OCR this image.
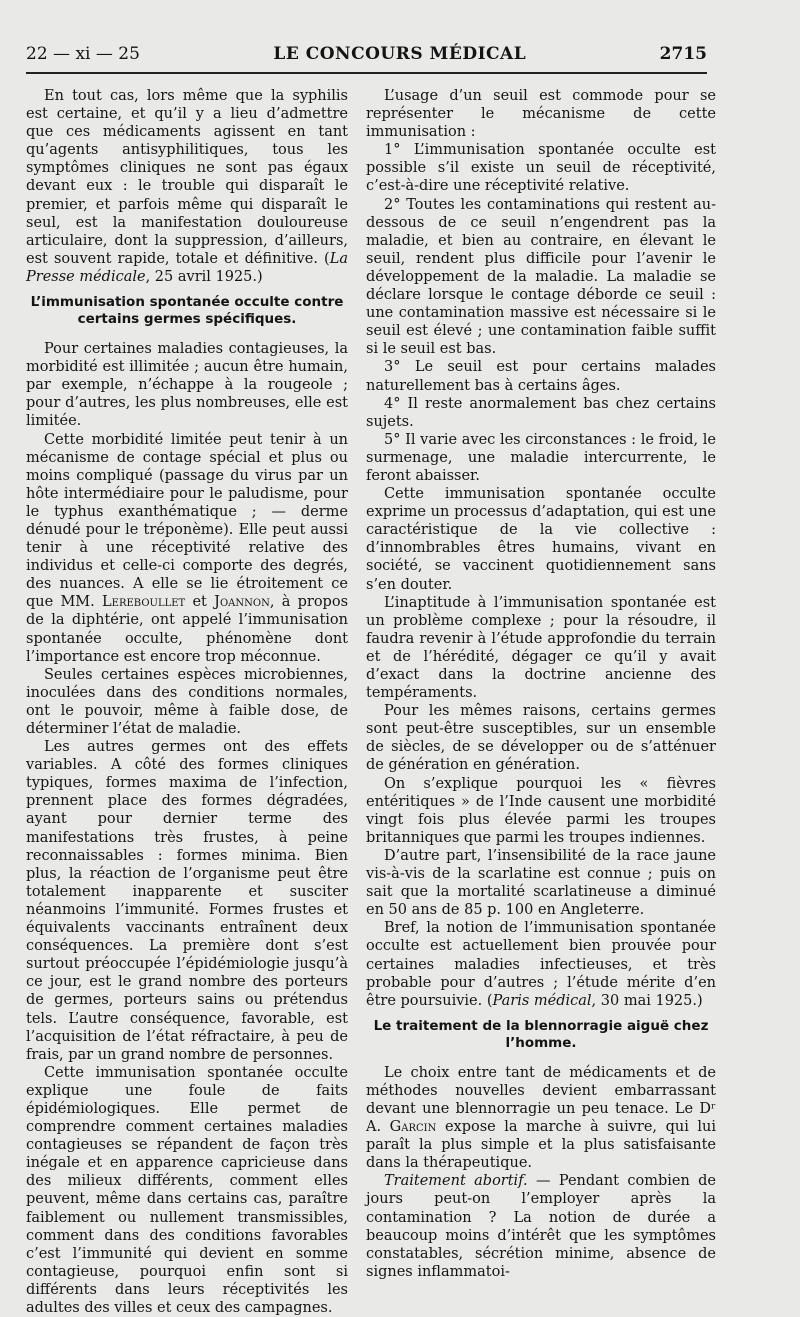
22 — xi — 25	LE CONCOURS MÉDICAL	2715

En tout cas, lors même que la syphilis est certaine, et qu’il y a lieu d’admettre que ces médicaments agissent en tant qu’agents antisyphilitiques, tous les symptômes cliniques ne sont pas égaux devant eux : le trouble qui disparaît le premier, et parfois même qui disparaît le seul, est la manifestation douloureuse articulaire, dont la suppression, d’ailleurs, est souvent rapide, totale et définitive. (La Presse médicale, 25 avril 1925.)

L’immunisation spontanée occulte contre certains germes spécifiques.

Pour certaines maladies contagieuses, la morbidité est illimitée ; aucun être humain, par exemple, n’échappe à la rougeole ; pour d’autres, les plus nombreuses, elle est limitée.

Cette morbidité limitée peut tenir à un mécanisme de contage spécial et plus ou moins compliqué (passage du virus par un hôte intermédiaire pour le paludisme, pour le typhus exanthématique ; — derme dénudé pour le tréponème). Elle peut aussi tenir à une réceptivité relative des individus et celle-ci comporte des degrés, des nuances. A elle se lie étroitement ce que MM. Lereboullet et Joannon, à propos de la diphtérie, ont appelé l’immunisation spontanée occulte, phénomène dont l’importance est encore trop méconnue.

Seules certaines espèces microbiennes, inoculées dans des conditions normales, ont le pouvoir, même à faible dose, de déterminer l’état de maladie.

Les autres germes ont des effets variables. A côté des formes cliniques typiques, formes maxima de l’infection, prennent place des formes dégradées, ayant pour dernier terme des manifestations très frustes, à peine reconnaissables : formes minima. Bien plus, la réaction de l’organisme peut être totalement inapparente et susciter néanmoins l’immunité. Formes frustes et équivalents vaccinants entraînent deux conséquences. La première dont s’est surtout préoccupée l’épidémiologie jusqu’à ce jour, est le grand nombre des porteurs de germes, porteurs sains ou prétendus tels. L’autre conséquence, favorable, est l’acquisition de l’état réfractaire, à peu de frais, par un grand nombre de personnes.

Cette immunisation spontanée occulte explique une foule de faits épidémiologiques. Elle permet de comprendre comment certaines maladies contagieuses se répandent de façon très inégale et en apparence capricieuse dans des milieux différents, comment elles peuvent, même dans certains cas, paraître faiblement ou nullement transmissibles, comment dans des conditions favorables c’est l’immunité qui devient en somme contagieuse, pourquoi enfin sont si différents dans leurs réceptivités les adultes des villes et ceux des campagnes.

L’usage d’un seuil est commode pour se représenter le mécanisme de cette immunisation :

1° L’immunisation spontanée occulte est possible s’il existe un seuil de réceptivité, c’est-à-dire une réceptivité relative.

2° Toutes les contaminations qui restent au-dessous de ce seuil n’engendrent pas la maladie, et bien au contraire, en élevant le seuil, rendent plus difficile pour l’avenir le développement de la maladie. La maladie se déclare lorsque le contage déborde ce seuil : une contamination massive est nécessaire si le seuil est élevé ; une contamination faible suffit si le seuil est bas.

3° Le seuil est pour certains malades naturellement bas à certains âges.

4° Il reste anormalement bas chez certains sujets.

5° Il varie avec les circonstances : le froid, le surmenage, une maladie intercurrente, le feront abaisser.

Cette immunisation spontanée occulte exprime un processus d’adaptation, qui est une caractéristique de la vie collective : d’innombrables êtres humains, vivant en société, se vaccinent quotidiennement sans s’en douter.

L’inaptitude à l’immunisation spontanée est un problème complexe ; pour la résoudre, il faudra revenir à l’étude approfondie du terrain et de l’hérédité, dégager ce qu’il y avait d’exact dans la doctrine ancienne des tempéraments.

Pour les mêmes raisons, certains germes sont peut-être susceptibles, sur un ensemble de siècles, de se développer ou de s’atténuer de génération en génération.

On s’explique pourquoi les « fièvres entéritiques » de l’Inde causent une morbidité vingt fois plus élevée parmi les troupes britanniques que parmi les troupes indiennes.

D’autre part, l’insensibilité de la race jaune vis-à-vis de la scarlatine est connue ; puis on sait que la mortalité scarlatineuse a diminué en 50 ans de 85 p. 100 en Angleterre.

Bref, la notion de l’immunisation spontanée occulte est actuellement bien prouvée pour certaines maladies infectieuses, et très probable pour d’autres ; l’étude mérite d’en être poursuivie. (Paris médical, 30 mai 1925.)

Le traitement de la blennorragie aiguë chez l’homme.

Le choix entre tant de médicaments et de méthodes nouvelles devient embarrassant devant une blennorragie un peu tenace. Le Dʳ A. Garcin expose la marche à suivre, qui lui paraît la plus simple et la plus satisfaisante dans la thérapeutique.

Traitement abortif. — Pendant combien de jours peut-on l’employer après la contamination ? La notion de durée a beaucoup moins d’intérêt que les symptômes constatables, sécrétion minime, absence de signes inflammatoi-
